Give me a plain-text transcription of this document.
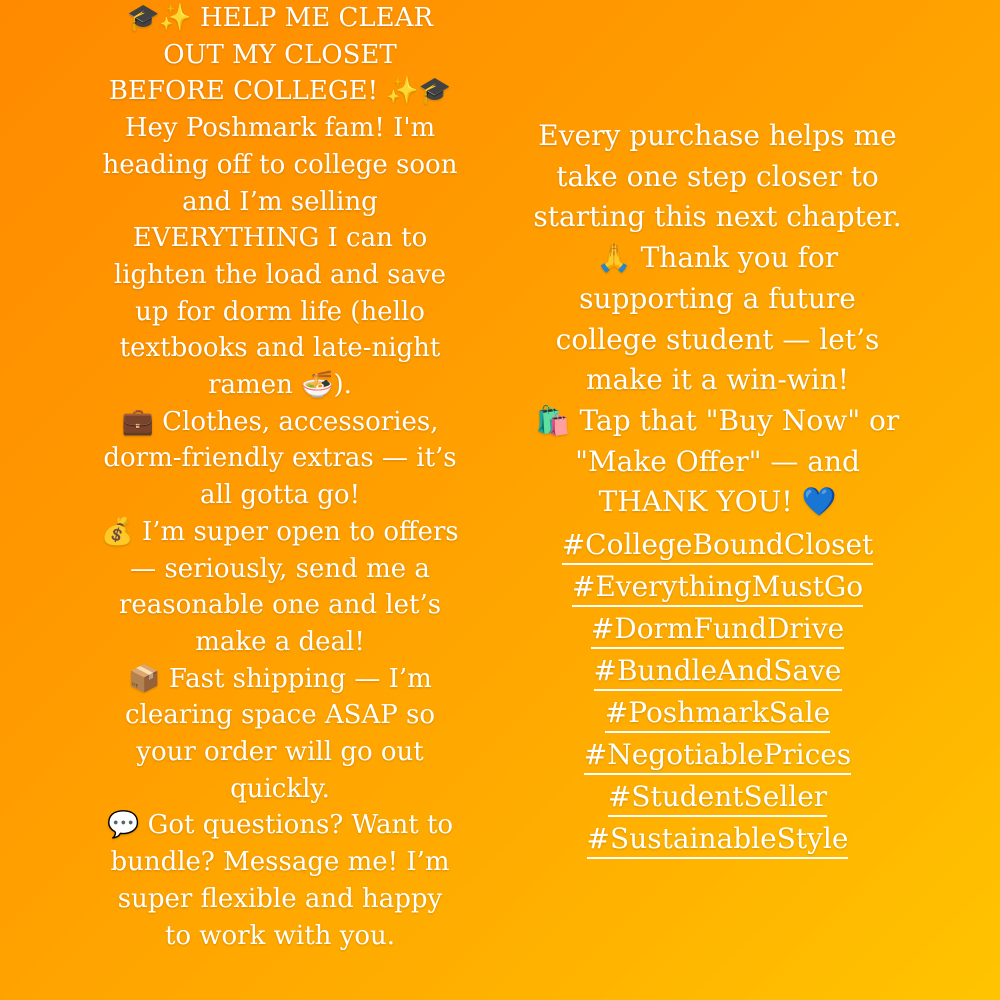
🎓✨ HELP ME CLEAR
OUT MY CLOSET
BEFORE COLLEGE! ✨🎓
Hey Poshmark fam! I'm
heading off to college soon
and I’m selling
EVERYTHING I can to
lighten the load and save
up for dorm life (hello
textbooks and late-night
ramen 🍜).
💼 Clothes, accessories,
dorm-friendly extras — it’s
all gotta go!
💰 I’m super open to offers
— seriously, send me a
reasonable one and let’s
make a deal!
📦 Fast shipping — I’m
clearing space ASAP so
your order will go out
quickly.
💬 Got questions? Want to
bundle? Message me! I’m
super flexible and happy
to work with you.
Every purchase helps me
take one step closer to
starting this next chapter.
🙏 Thank you for
supporting a future
college student — let’s
make it a win-win!
🛍️ Tap that "Buy Now" or
"Make Offer" — and
THANK YOU! 💙
#CollegeBoundCloset
#EverythingMustGo
#DormFundDrive
#BundleAndSave
#PoshmarkSale
#NegotiablePrices
#StudentSeller
#SustainableStyle
